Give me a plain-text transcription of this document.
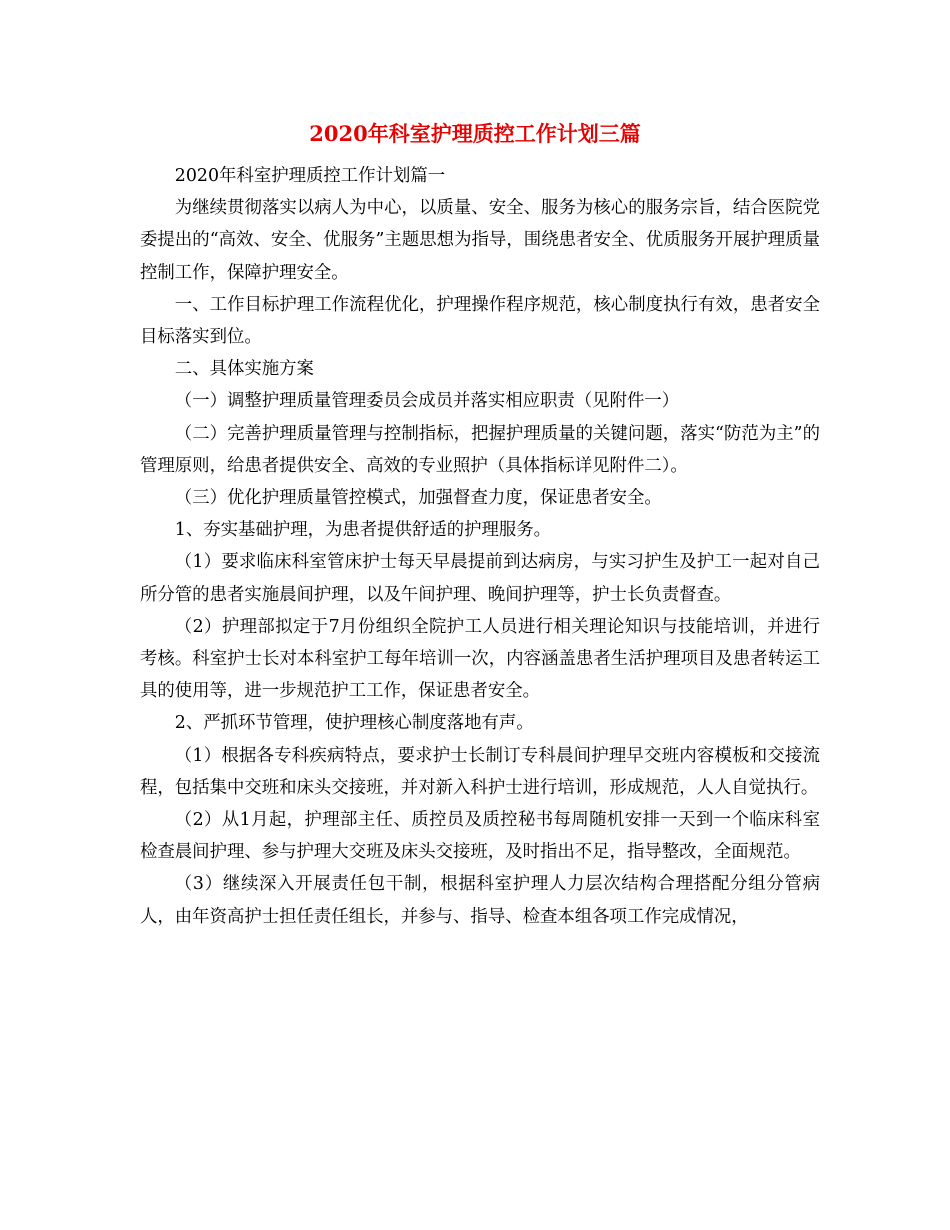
2020年科室护理质控工作计划三篇

2020年科室护理质控工作计划篇一

为继续贯彻落实以病人为中心，以质量、安全、服务为核心的服务宗旨，结合医院党委提出的“高效、安全、优服务”主题思想为指导，围绕患者安全、优质服务开展护理质量控制工作，保障护理安全。

一、工作目标护理工作流程优化，护理操作程序规范，核心制度执行有效，患者安全目标落实到位。

二、具体实施方案

（一）调整护理质量管理委员会成员并落实相应职责（见附件一）

（二）完善护理质量管理与控制指标，把握护理质量的关键问题，落实“防范为主”的管理原则，给患者提供安全、高效的专业照护（具体指标详见附件二）。

（三）优化护理质量管控模式，加强督查力度，保证患者安全。

1、夯实基础护理，为患者提供舒适的护理服务。

（1）要求临床科室管床护士每天早晨提前到达病房，与实习护生及护工一起对自己所分管的患者实施晨间护理，以及午间护理、晚间护理等，护士长负责督查。

（2）护理部拟定于7月份组织全院护工人员进行相关理论知识与技能培训，并进行考核。科室护士长对本科室护工每年培训一次，内容涵盖患者生活护理项目及患者转运工具的使用等，进一步规范护工工作，保证患者安全。

2、严抓环节管理，使护理核心制度落地有声。

（1）根据各专科疾病特点，要求护士长制订专科晨间护理早交班内容模板和交接流程，包括集中交班和床头交接班，并对新入科护士进行培训，形成规范，人人自觉执行。

（2）从1月起，护理部主任、质控员及质控秘书每周随机安排一天到一个临床科室检查晨间护理、参与护理大交班及床头交接班，及时指出不足，指导整改，全面规范。

（3）继续深入开展责任包干制，根据科室护理人力层次结构合理搭配分组分管病人，由年资高护士担任责任组长，并参与、指导、检查本组各项工作完成情况，
